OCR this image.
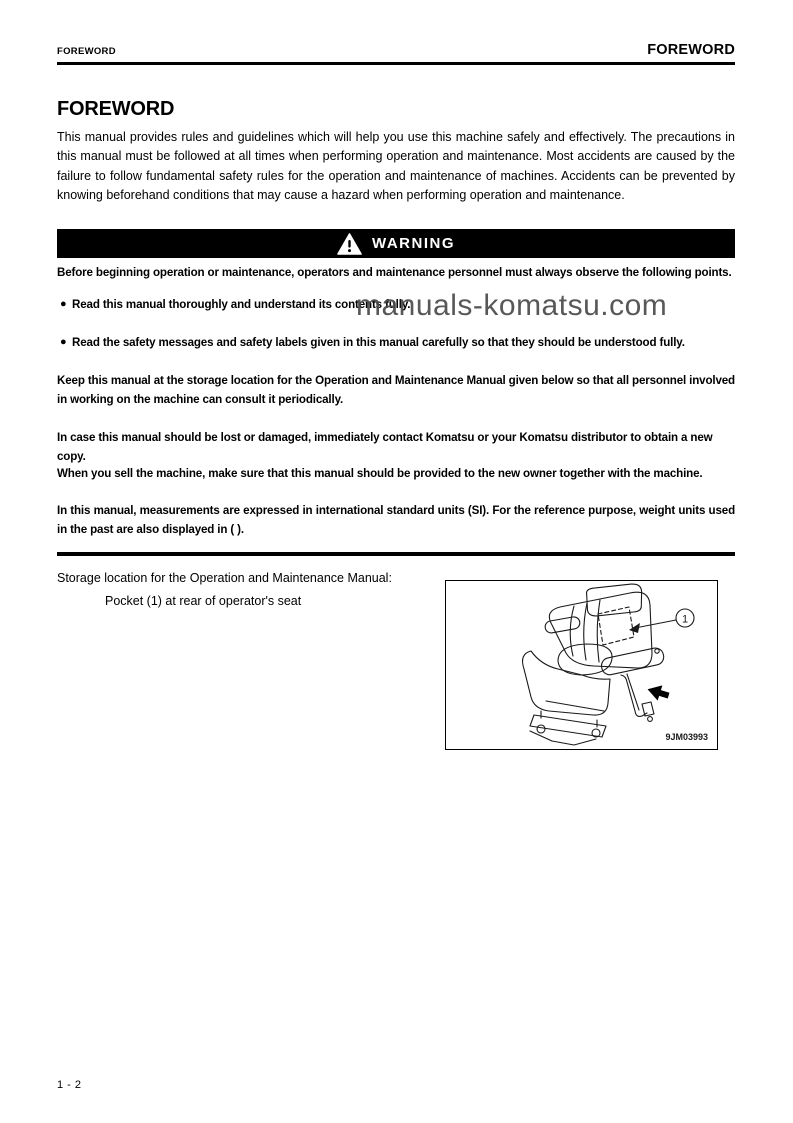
FOREWORD	FOREWORD
FOREWORD
This manual provides rules and guidelines which will help you use this machine safely and effectively. The precautions in this manual must be followed at all times when performing operation and maintenance. Most accidents are caused by the failure to follow fundamental safety rules for the operation and maintenance of machines. Accidents can be prevented by knowing beforehand conditions that may cause a hazard when performing operation and maintenance.
WARNING
Before beginning operation or maintenance, operators and maintenance personnel must always observe the following points.
●︎ Read this manual thoroughly and understand its contents fully.
●︎ Read the safety messages and safety labels given in this manual carefully so that they should be understood fully.
Keep this manual at the storage location for the Operation and Maintenance Manual given below so that all personnel involved in working on the machine can consult it periodically.
In case this manual should be lost or damaged, immediately contact Komatsu or your Komatsu distributor to obtain a new copy.
When you sell the machine, make sure that this manual should be provided to the new owner together with the machine.
In this manual, measurements are expressed in international standard units (SI). For the reference purpose, weight units used in the past are also displayed in ( ).
Storage location for the Operation and Maintenance Manual:
Pocket (1) at rear of operator's seat
1
9JM03993
manuals-komatsu.com
1 - 2
